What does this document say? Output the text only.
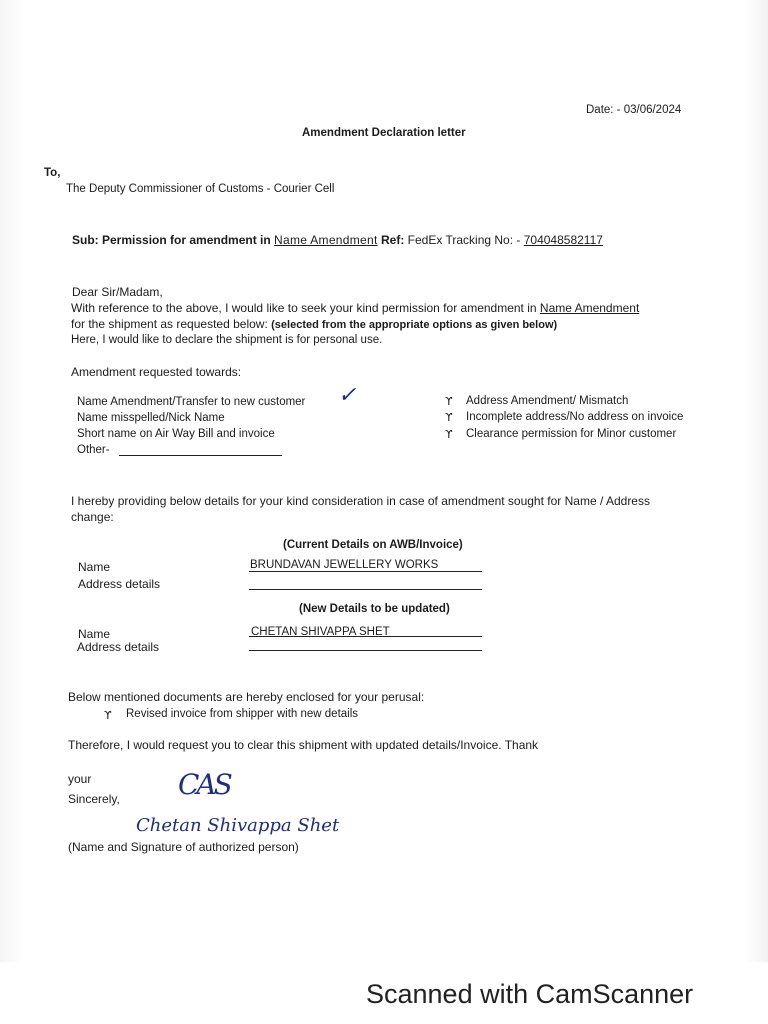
Date: - 03/06/2024
Amendment Declaration letter
To,
The Deputy Commissioner of Customs - Courier Cell
Sub: Permission for amendment in Name Amendment Ref: FedEx Tracking No: - 704048582117
Dear Sir/Madam,
With reference to the above, I would like to seek your kind permission for amendment in Name Amendment
for the shipment as requested below: (selected from the appropriate options as given below)
Here, I would like to declare the shipment is for personal use.
Amendment requested towards:
Name Amendment/Transfer to new customer ✓
Name misspelled/Nick Name
Short name on Air Way Bill and invoice
Other-
ϒ Address Amendment/ Mismatch
ϒ Incomplete address/No address on invoice
ϒ Clearance permission for Minor customer
I hereby providing below details for your kind consideration in case of amendment sought for Name / Address
change:
(Current Details on AWB/Invoice)
Name	BRUNDAVAN JEWELLERY WORKS
Address details
(New Details to be updated)
Name	CHETAN SHIVAPPA SHET
Address details
Below mentioned documents are hereby enclosed for your perusal:
ϒ Revised invoice from shipper with new details
Therefore, I would request you to clear this shipment with updated details/Invoice. Thank
your
Sincerely, CAS
Chetan Shivappa Shet
(Name and Signature of authorized person)
Scanned with CamScanner
